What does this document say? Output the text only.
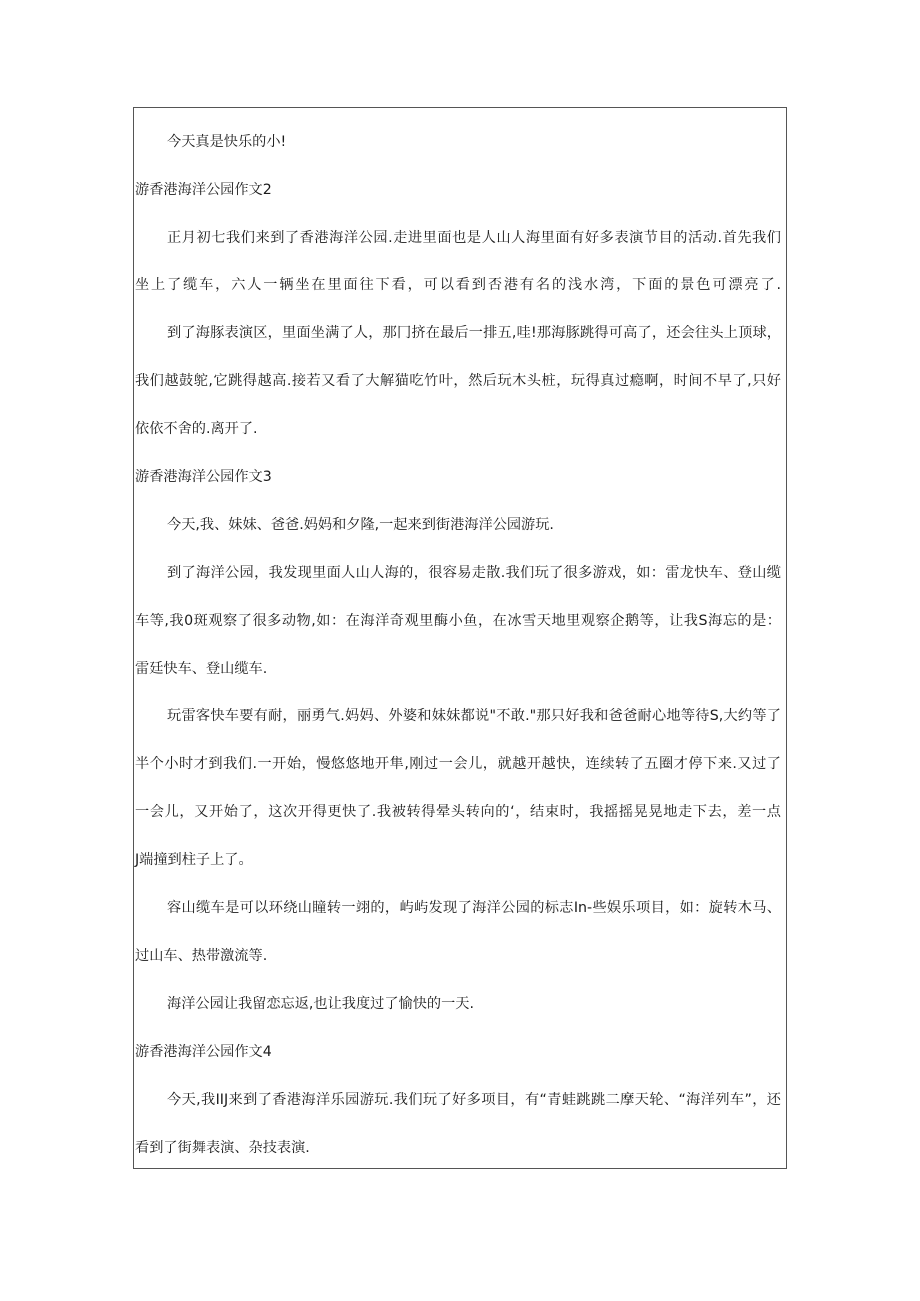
今天真是快乐的小!
游香港海洋公园作文2
正月初七我们来到了香港海洋公园.走进里面也是人山人海里面有好多表演节目的活动.首先我们
坐上了缆车，六人一辆坐在里面往下看，可以看到否港有名的浅水湾，下面的景色可漂亮了.
到了海豚表演区，里面坐满了人，那冂挤在最后一排五,哇!那海豚跳得可高了，还会往头上顶球，
我们越鼓鸵,它跳得越高.接若又看了大解猫吃竹叶，然后玩木头桩，玩得真过瘾啊，时间不早了,只好
依依不舍的.离开了.
游香港海洋公园作文3
今天,我、妹妹、爸爸.妈妈和夕隆,一起来到街港海洋公园游玩.
到了海洋公园，我发现里面人山人海的，很容易走散.我们玩了很多游戏，如：雷龙快车、登山缆
车等,我0斑观察了很多动物,如：在海洋奇观里酶小鱼，在冰雪天地里观察企鹅等，让我S海忘的是：
雷廷快车、登山缆车.
玩雷客快车要有耐，丽勇气.妈妈、外婆和妹妹都说"不敢."那只好我和爸爸耐心地等待S,大约等了
半个小时才到我们.一开始，慢悠悠地开隼,刚过一会儿，就越开越快，连续转了五圈才停下来.又过了
一会儿，又开始了，这次开得更快了.我被转得晕头转向的‘，结束时，我摇摇晃晃地走下去，差一点
J端撞到柱子上了。
容山缆车是可以环绕山瞳转一翊的，屿屿发现了海洋公园的标志In-些娱乐项目，如：旋转木马、
过山车、热带激流等.
海洋公园让我留恋忘返,也让我度过了愉快的一天.
游香港海洋公园作文4
今天,我IIJ来到了香港海洋乐园游玩.我们玩了好多项目，有“青蛙跳跳二摩天轮、“海洋列车”，还
看到了街舞表演、杂技表演.
